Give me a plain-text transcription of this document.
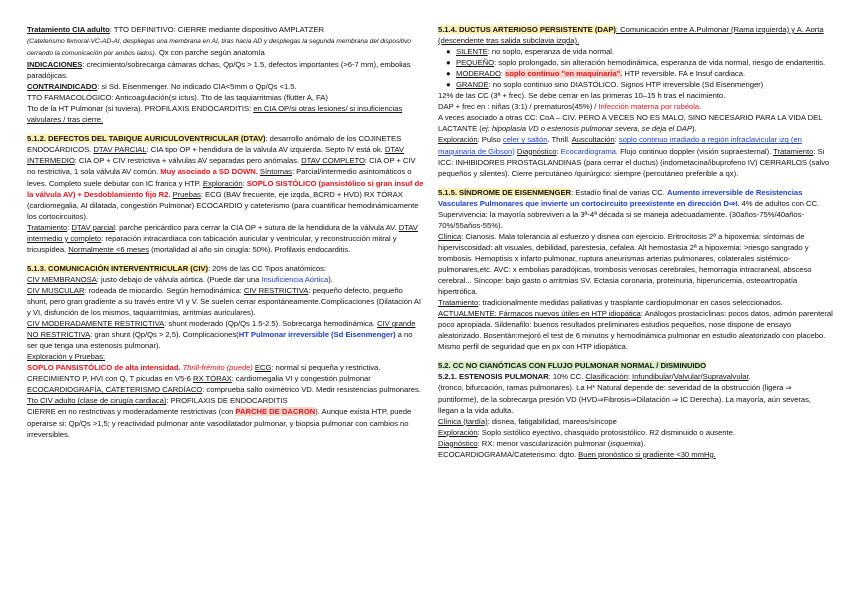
Tratamiento CIA adulto: TTO DEFINITIVO: CIERRE mediante dispositivo AMPLATZER
(Cateterismo femoral-VC-AD-AI, despliegas una membrana en AI, tiras hacia AD y despliegas la segunda membrana del dispositivo cerrando la comunicación por ambos lados). Qx con parche según anatomía
INDICACIONES: crecimiento/sobrecarga cámaras dchas, Qp/Qs > 1.5, defectos importantes (>6-7 mm), embolias paradójicas.
CONTRAINDICADO: si Sd. Eisenmenger. No indicado CIA<5mm o Qp/Qs <1.5.
TTO FARMACOLÓGICO: Anticoagulación(si ictus). Tto de las taquiarritmias (flutter A, FA)
Tto de la HT Pulmonar (si tuviera). PROFILAXIS ENDOCARDITIS: en CIA OP/si otras lesiones/ si insuficiencias valvulares / tras cierre.

5.1.2. DEFECTOS DEL TABIQUE AURICULOVENTRICULAR (DTAV): desarrollo anómalo de los COJINETES ENDOCÁRDICOS. DTAV PARCIAL: CIA tipo OP + hendidura de la válvula AV izquierda. Septo IV está ok. DTAV INTERMEDIO: CIA OP + CIV restrictiva + válvulas AV separadas pero anómalas. DTAV COMPLETO: CIA OP + CIV no restrictiva, 1 sola válvula AV común. Muy asociado a SD DOWN. Síntomas: Parcial/intermedio asintomáticos o leves. Completo suele debutar con IC franca y HTP. Exploración: SOPLO SISTÓLICO (pansistólico si gran insuf de la válvula AV) + Desdoblamiento fijo R2. Pruebas: ECG (BAV frecuente, eje izqda, BCRD + HVD) RX TÓRAX (cardiomegalia, AI dilatada, congestión Pulmonar) ECOCARDIO y cateterismo (para cuantificar hemodinámicamente los cortocircuitos).
Tratamiento: DTAV parcial: parche pericárdico para cerrar la CIA OP + sutura de la hendidura de la válvula AV. DTAV intermedio y completo: reparación intracardiaca con tabicación auricular y ventricular, y reconstrucción mitral y tricuspídea. Normalmente <6 meses (mortalidad al año sin cirugía: 50%). Profilaxis endocarditis.

5.1.3. COMUNICACIÓN INTERVENTRICULAR (CIV): 20% de las CC Tipos anatómicos:
CIV MEMBRANOSA: justo debajo de válvula aórtica. (Puede dar una Insuficiencia Aórtica).
CIV MUSCULAR: rodeada de miocardio. Según hemodinámica: CIV RESTRICTIVA: pequeño defecto, pequeño shunt, pero gran gradiente a su través entre VI y V. Se suelen cerrar espontáneamente.Complicaciones (Dilatación AI y VI, disfunción de los mismos, taquiarritmias, arritmias auriculares).
CIV MODERADAMENTE RESTRICTIVA: shunt moderado (Qp/Qs 1.5-2.5). Sobrecarga hemodinámica. CIV grande NO RESTRICTIVA: gran shunt (Qp/Qs > 2,5). Complicaciones(HT Pulmonar irreversible (Sd Eisenmenger) a no ser que tenga una estenosis pulmonar).
Exploración y Pruebas:
SOPLO PANSISTÓLICO de alta intensidad. Thrill-frémito (puede) ECG: normal si pequeña y restrictiva. CRECIMIENTO P, HVI con Q, T picudas en V5-6 RX TÓRAX: cardiomegalia VI y congestión pulmonar ECOCARDIOGRAFÍA, CATETERISMO CARDÍACO: comprueba salto oximétrico VD. Medir resistencias pulmonares.
Tto CIV adulto (clase de cirugía cardiaca): PROFILAXIS DE ENDOCARDITIS
CIERRE en no restrictivas y moderadamente restrictivas (con PARCHE DE DACRON). Aunque exista HTP, puede operarse si: Qp/Qs >1,5; y reactividad pulmonar ante vasodilatador pulmonar, y biopsia pulmonar con cambios no irreversibles.

5.1.4. DUCTUS ARTERIOSO PERSISTENTE (DAP): Comunicación entre A.Pulmonar (Rama izquierda) y A. Aorta (descendente tras salida subclavia izqda).
● SILENTE: no soplo, esperanza de vida normal.
● PEQUEÑO: soplo prolongado, sin alteración hemodinámica, esperanza de vida normal, riesgo de endarteritis.
● MODERADO: soplo continuo "en maquinaria". HTP reversible. FA e Insuf cardiaca.
● GRANDE: no soplo continuo sino DIASTÓLICO. Signos HTP irreversible (Sd Eisenmenger)
12% de las CC (3ª + frec). Se debe cerrar en las primeras 10–15 h tras el nacimiento.
DAP + frec en : niñas (3:1) / prematuros(45%) / Infección materna por rubéola.
A veces asociado a otras CC: CoA – CIV. PERO A VECES NO ES MALO, SINO NECESARIO PARA LA VIDA DEL LACTANTE (ej: hipoplasia VD o estenosis pulmonar severa, se deja el DAP).
Exploración: Pulso celer y saltón. Thrill. Auscultación: soplo continuo irradiado a región infraclavicular izq (en maquinaria de Gibson) Diagnóstico: Ecocardiograma. Flujo continuo doppler (visión supraesternal). Tratamiento: Si ICC: INHIBIDORES PROSTAGLANDINAS (para cerrar el ductus) (indometacina/ibuprofeno IV) CERRARLOS (salvo pequeños y silentes). Cierre percutáneo /quirúrgico: siempre (percutáneo preferible a qx).

5.1.5. SÍNDROME DE EISENMENGER: Estadío final de varias CC. Aumento irreversible de Resistencias Vasculares Pulmonares que invierte un cortocircuito preexistente en dirección D⇒I. 4% de adultos con CC. Supervivencia: la mayoría sobreviven a la 3ª-4ª década si se maneja adecuadamente. (30años-75%/40años-70%/55años-55%).
Clínica: Cianosis. Mala tolerancia al esfuerzo y disnea con ejercicio. Eritrocitosis 2ª a hipoxemia: síntomas de hiperviscosidad: alt visuales, debilidad, parestesia, cefalea. Alt hemostasia 2ª a hipoxemia: >riesgo sangrado y trombosis. Hemoptisis x infarto pulmonar, ruptura aneurismas arterias pulmonares, colaterales sistémico-pulmonares,etc. AVC: x embolias paradójicas, trombosis venosas cerebrales, hemorragia intracraneal, absceso cerebral... Síncope: bajo gasto o arritmias SV. Ectasia coronaria, proteinuria, hiperuricemia, osteoartropatía hipertrófica.
Tratamiento: tradicionalmente medidas paliativas y trasplante cardiopulmonar en casos seleccionados. ACTUALMENTE: Fármacos nuevos útiles en HTP idiopática: Análogos prostaciclinas: pocos datos, admón parenteral poco apropiada. Sildenafilo: buenos resultados preliminares estudios pequeños, nose dispone de ensayo aleatorizado. Bosentán:mejoró el test de 6 minutos y hemodinámica pulmonar en estudio aleatorizado con placebo. Mismo perfil de seguridad que en px con HTP idiopática.

5.2. CC NO CIANÓTICAS CON FLUJO PULMONAR NORMAL / DISMINUIDO
5.2.1. ESTENOSIS PULMONAR: 10% CC. Clasificación: Infundibular/Valvular/Supravalvular.
(tronco, bifurcación, ramas pulmonares). La H* Natural depende de: severidad de la obstrucción (ligera ⇒ puntiforme), de la sobrecarga presión VD (HVD⇒Fibrosis⇒Dilatación ⇒ IC Derecha). La mayoría, aún severas, llegan a la vida adulta.
Clínica (tardía): disnea, fatigabilidad, mareos/síncope
Exploración: Soplo sistólico eyectivo, chasquido protosistólico. R2 disminuido o ausente.
Diagnóstico: RX: menor vascularización pulmonar (isquemia).
ECOCARDIOGRAMA/Cateterismo: dgto. Buen pronóstico si gradiente <30 mmHg.
